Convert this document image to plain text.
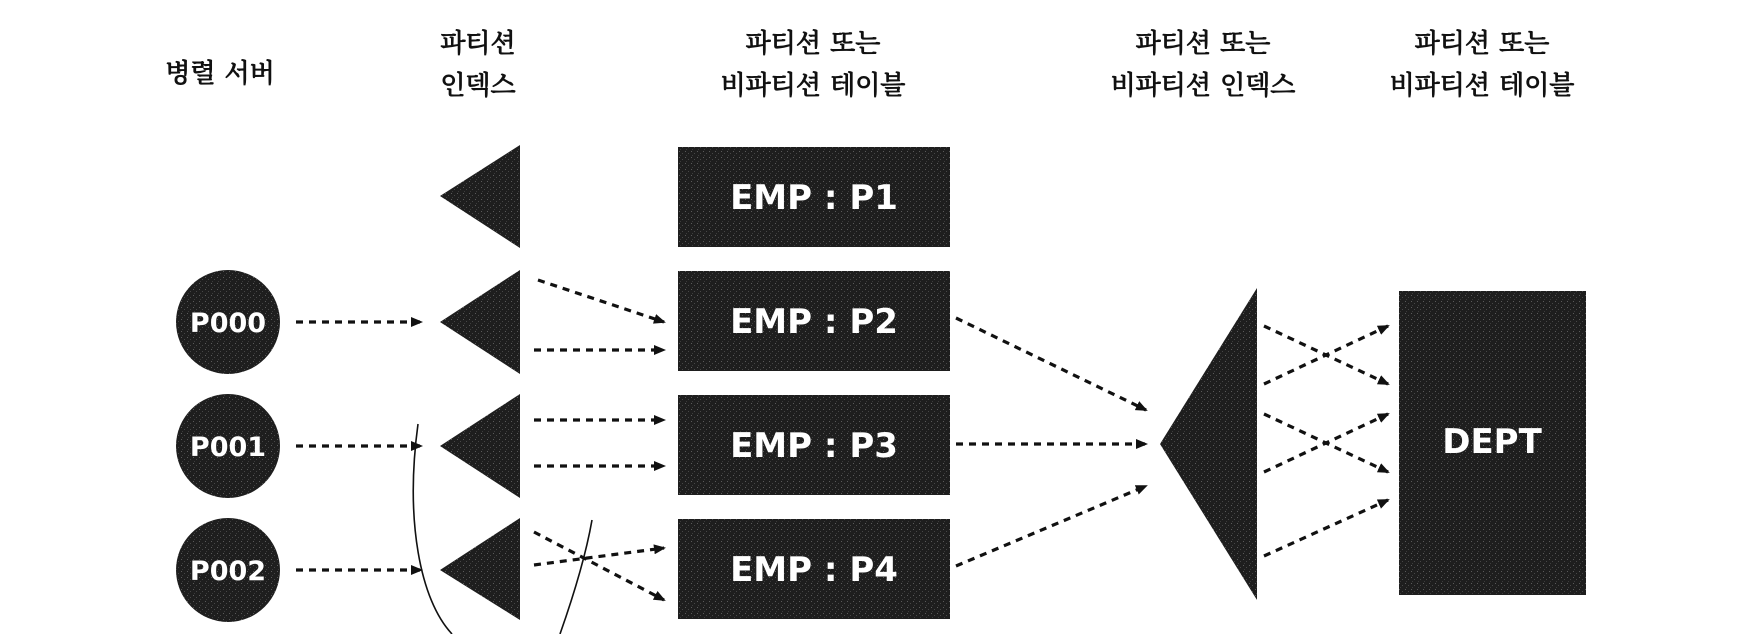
병렬 서버
파티션
인덱스
파티션 또는
비파티션 테이블
파티션 또는
비파티션 인덱스
파티션 또는
비파티션 테이블
P000
P001
P002
EMP : P1
EMP : P2
EMP : P3
EMP : P4
DEPT
